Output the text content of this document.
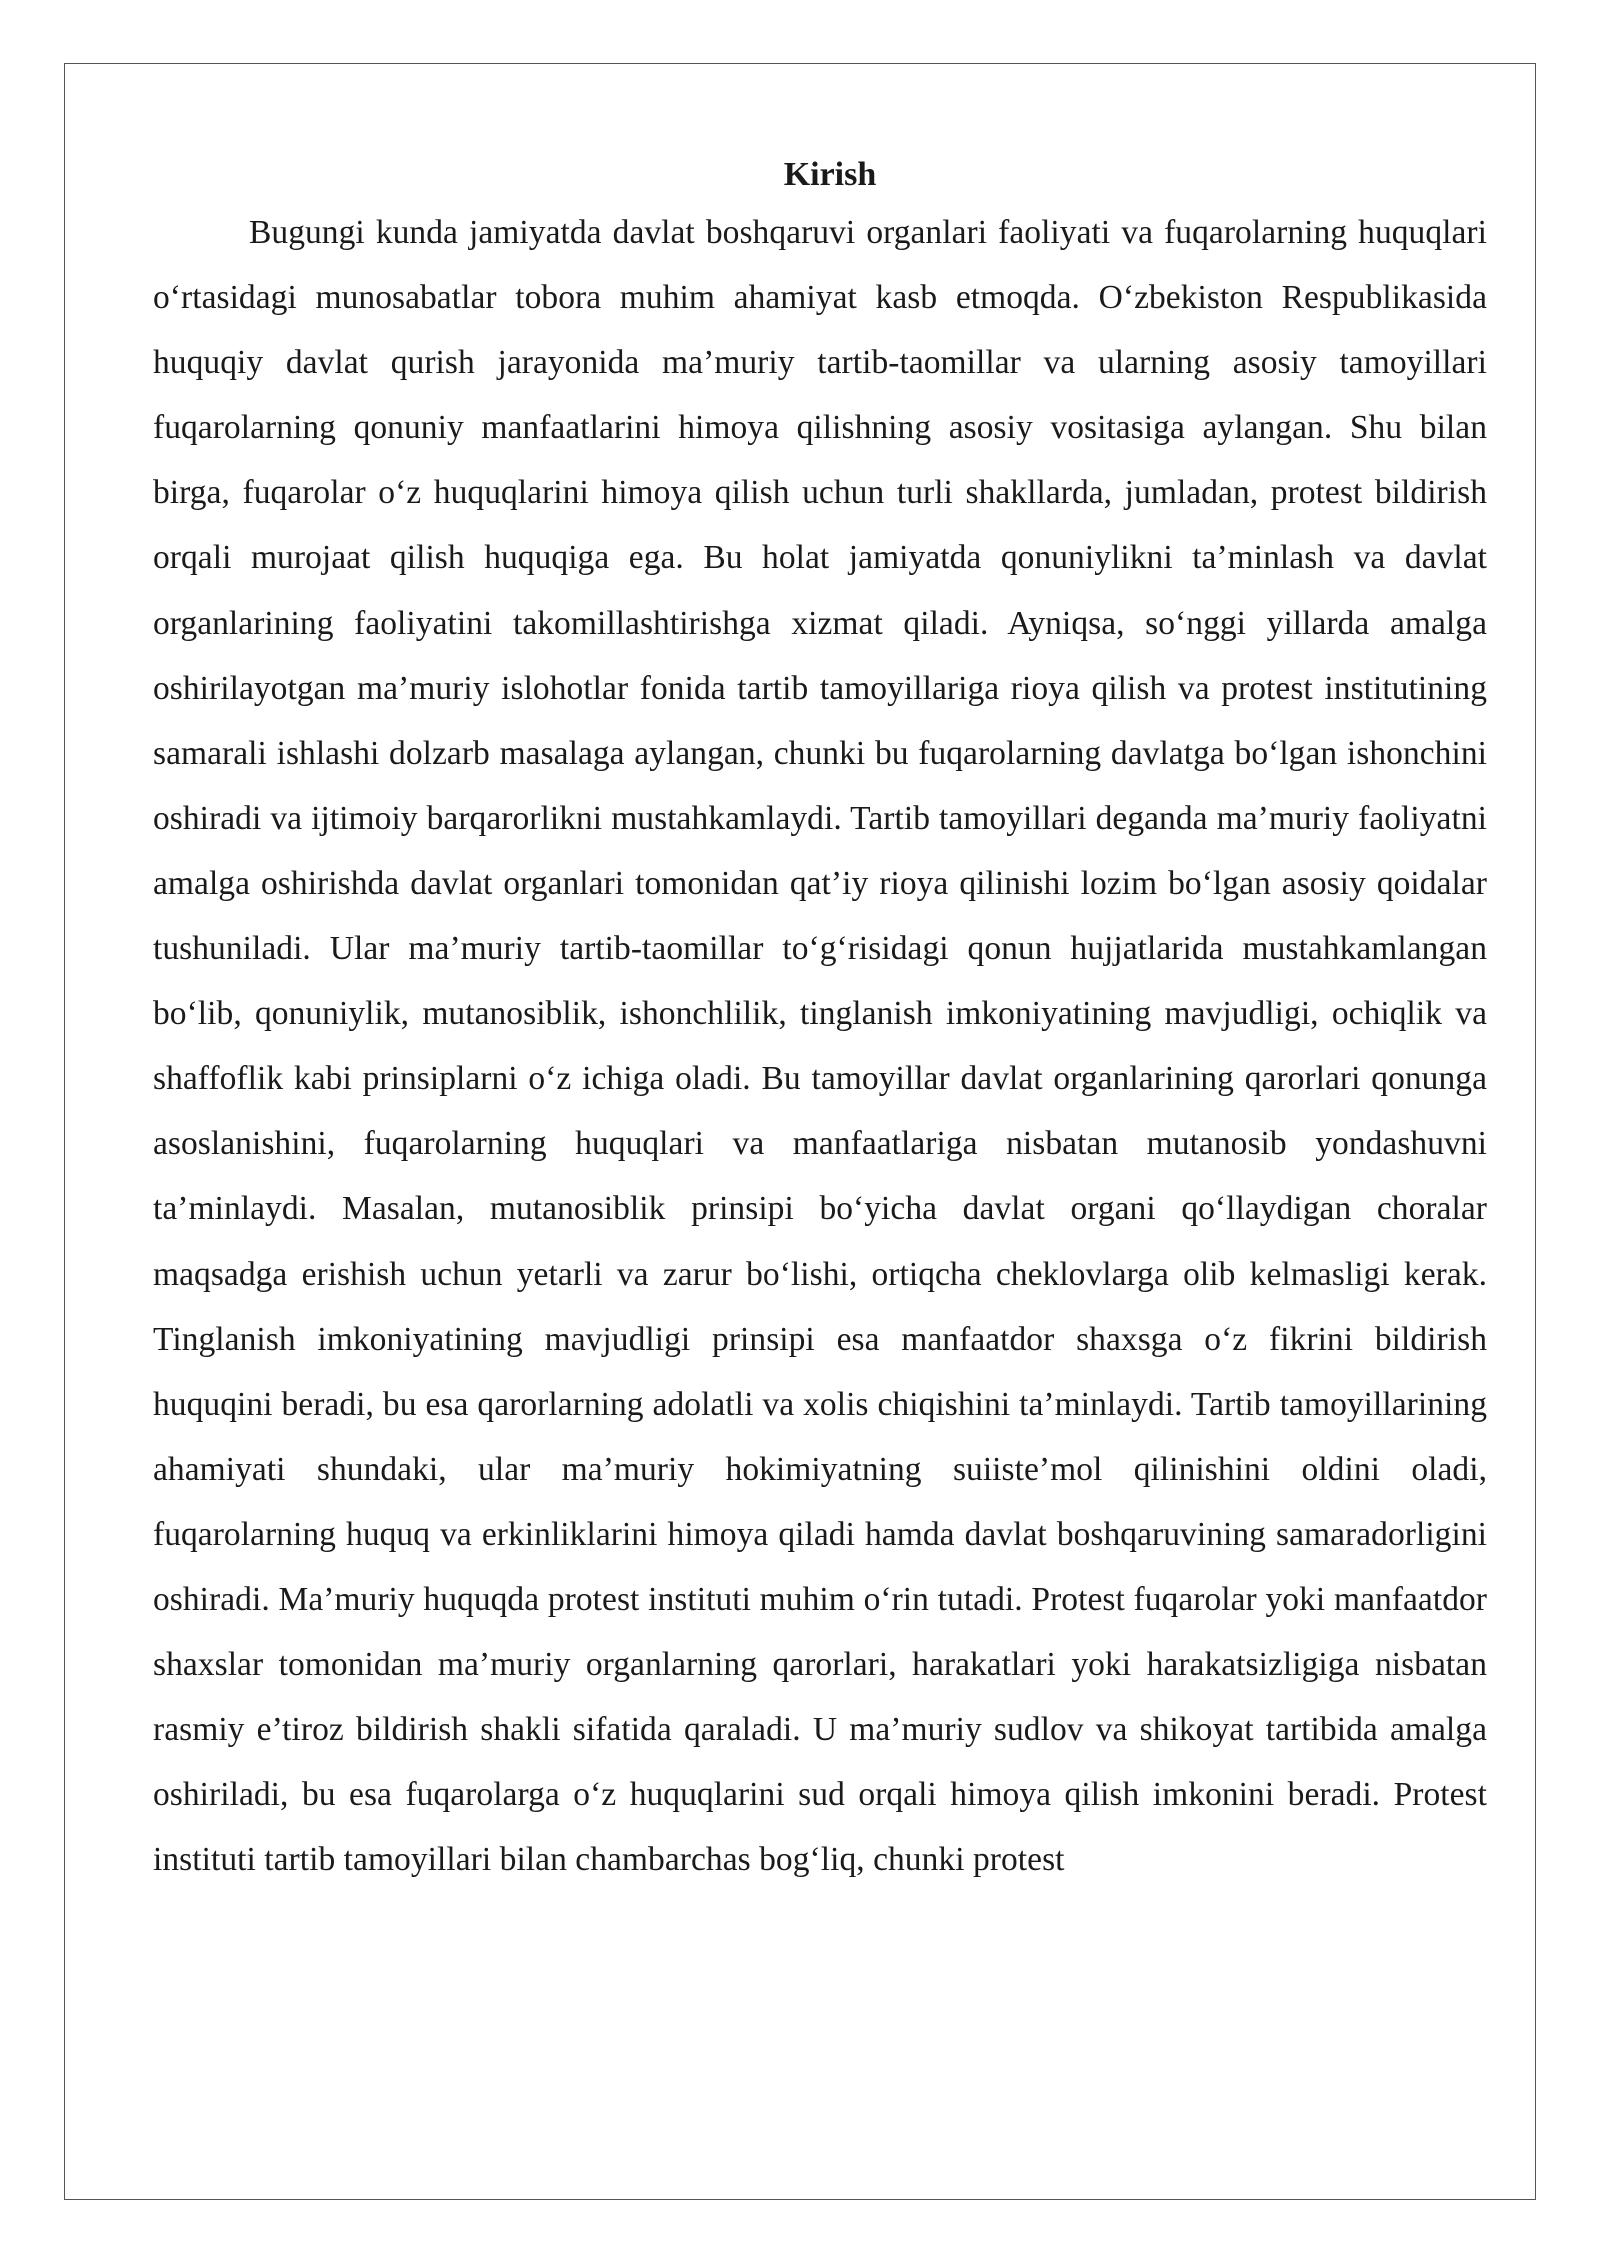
Kirish

Bugungi kunda jamiyatda davlat boshqaruvi organlari faoliyati va fuqarolarning huquqlari o‘rtasidagi munosabatlar tobora muhim ahamiyat kasb etmoqda. O‘zbekiston Respublikasida huquqiy davlat qurish jarayonida ma’muriy tartib-taomillar va ularning asosiy tamoyillari fuqarolarning qonuniy manfaatlarini himoya qilishning asosiy vositasiga aylangan. Shu bilan birga, fuqarolar o‘z huquqlarini himoya qilish uchun turli shakllarda, jumladan, protest bildirish orqali murojaat qilish huquqiga ega. Bu holat jamiyatda qonuniylikni ta’minlash va davlat organlarining faoliyatini takomillashtirishga xizmat qiladi. Ayniqsa, so‘nggi yillarda amalga oshirilayotgan ma’muriy islohotlar fonida tartib tamoyillariga rioya qilish va protest institutining samarali ishlashi dolzarb masalaga aylangan, chunki bu fuqarolarning davlatga bo‘lgan ishonchini oshiradi va ijtimoiy barqarorlikni mustahkamlaydi. Tartib tamoyillari deganda ma’muriy faoliyatni amalga oshirishda davlat organlari tomonidan qat’iy rioya qilinishi lozim bo‘lgan asosiy qoidalar tushuniladi. Ular ma’muriy tartib-taomillar to‘g‘risidagi qonun hujjatlarida mustahkamlangan bo‘lib, qonuniylik, mutanosiblik, ishonchlilik, tinglanish imkoniyatining mavjudligi, ochiqlik va shaffoflik kabi prinsiplarni o‘z ichiga oladi. Bu tamoyillar davlat organlarining qarorlari qonunga asoslanishini, fuqarolarning huquqlari va manfaatlariga nisbatan mutanosib yondashuvni ta’minlaydi. Masalan, mutanosiblik prinsipi bo‘yicha davlat organi qo‘llaydigan choralar maqsadga erishish uchun yetarli va zarur bo‘lishi, ortiqcha cheklovlarga olib kelmasligi kerak. Tinglanish imkoniyatining mavjudligi prinsipi esa manfaatdor shaxsga o‘z fikrini bildirish huquqini beradi, bu esa qarorlarning adolatli va xolis chiqishini ta’minlaydi. Tartib tamoyillarining ahamiyati shundaki, ular ma’muriy hokimiyatning suiiste’mol qilinishini oldini oladi, fuqarolarning huquq va erkinliklarini himoya qiladi hamda davlat boshqaruvining samaradorligini oshiradi. Ma’muriy huquqda protest instituti muhim o‘rin tutadi. Protest fuqarolar yoki manfaatdor shaxslar tomonidan ma’muriy organlarning qarorlari, harakatlari yoki harakatsizligiga nisbatan rasmiy e’tiroz bildirish shakli sifatida qaraladi. U ma’muriy sudlov va shikoyat tartibida amalga oshiriladi, bu esa fuqarolarga o‘z huquqlarini sud orqali himoya qilish imkonini beradi. Protest instituti tartib tamoyillari bilan chambarchas bog‘liq, chunki protest
